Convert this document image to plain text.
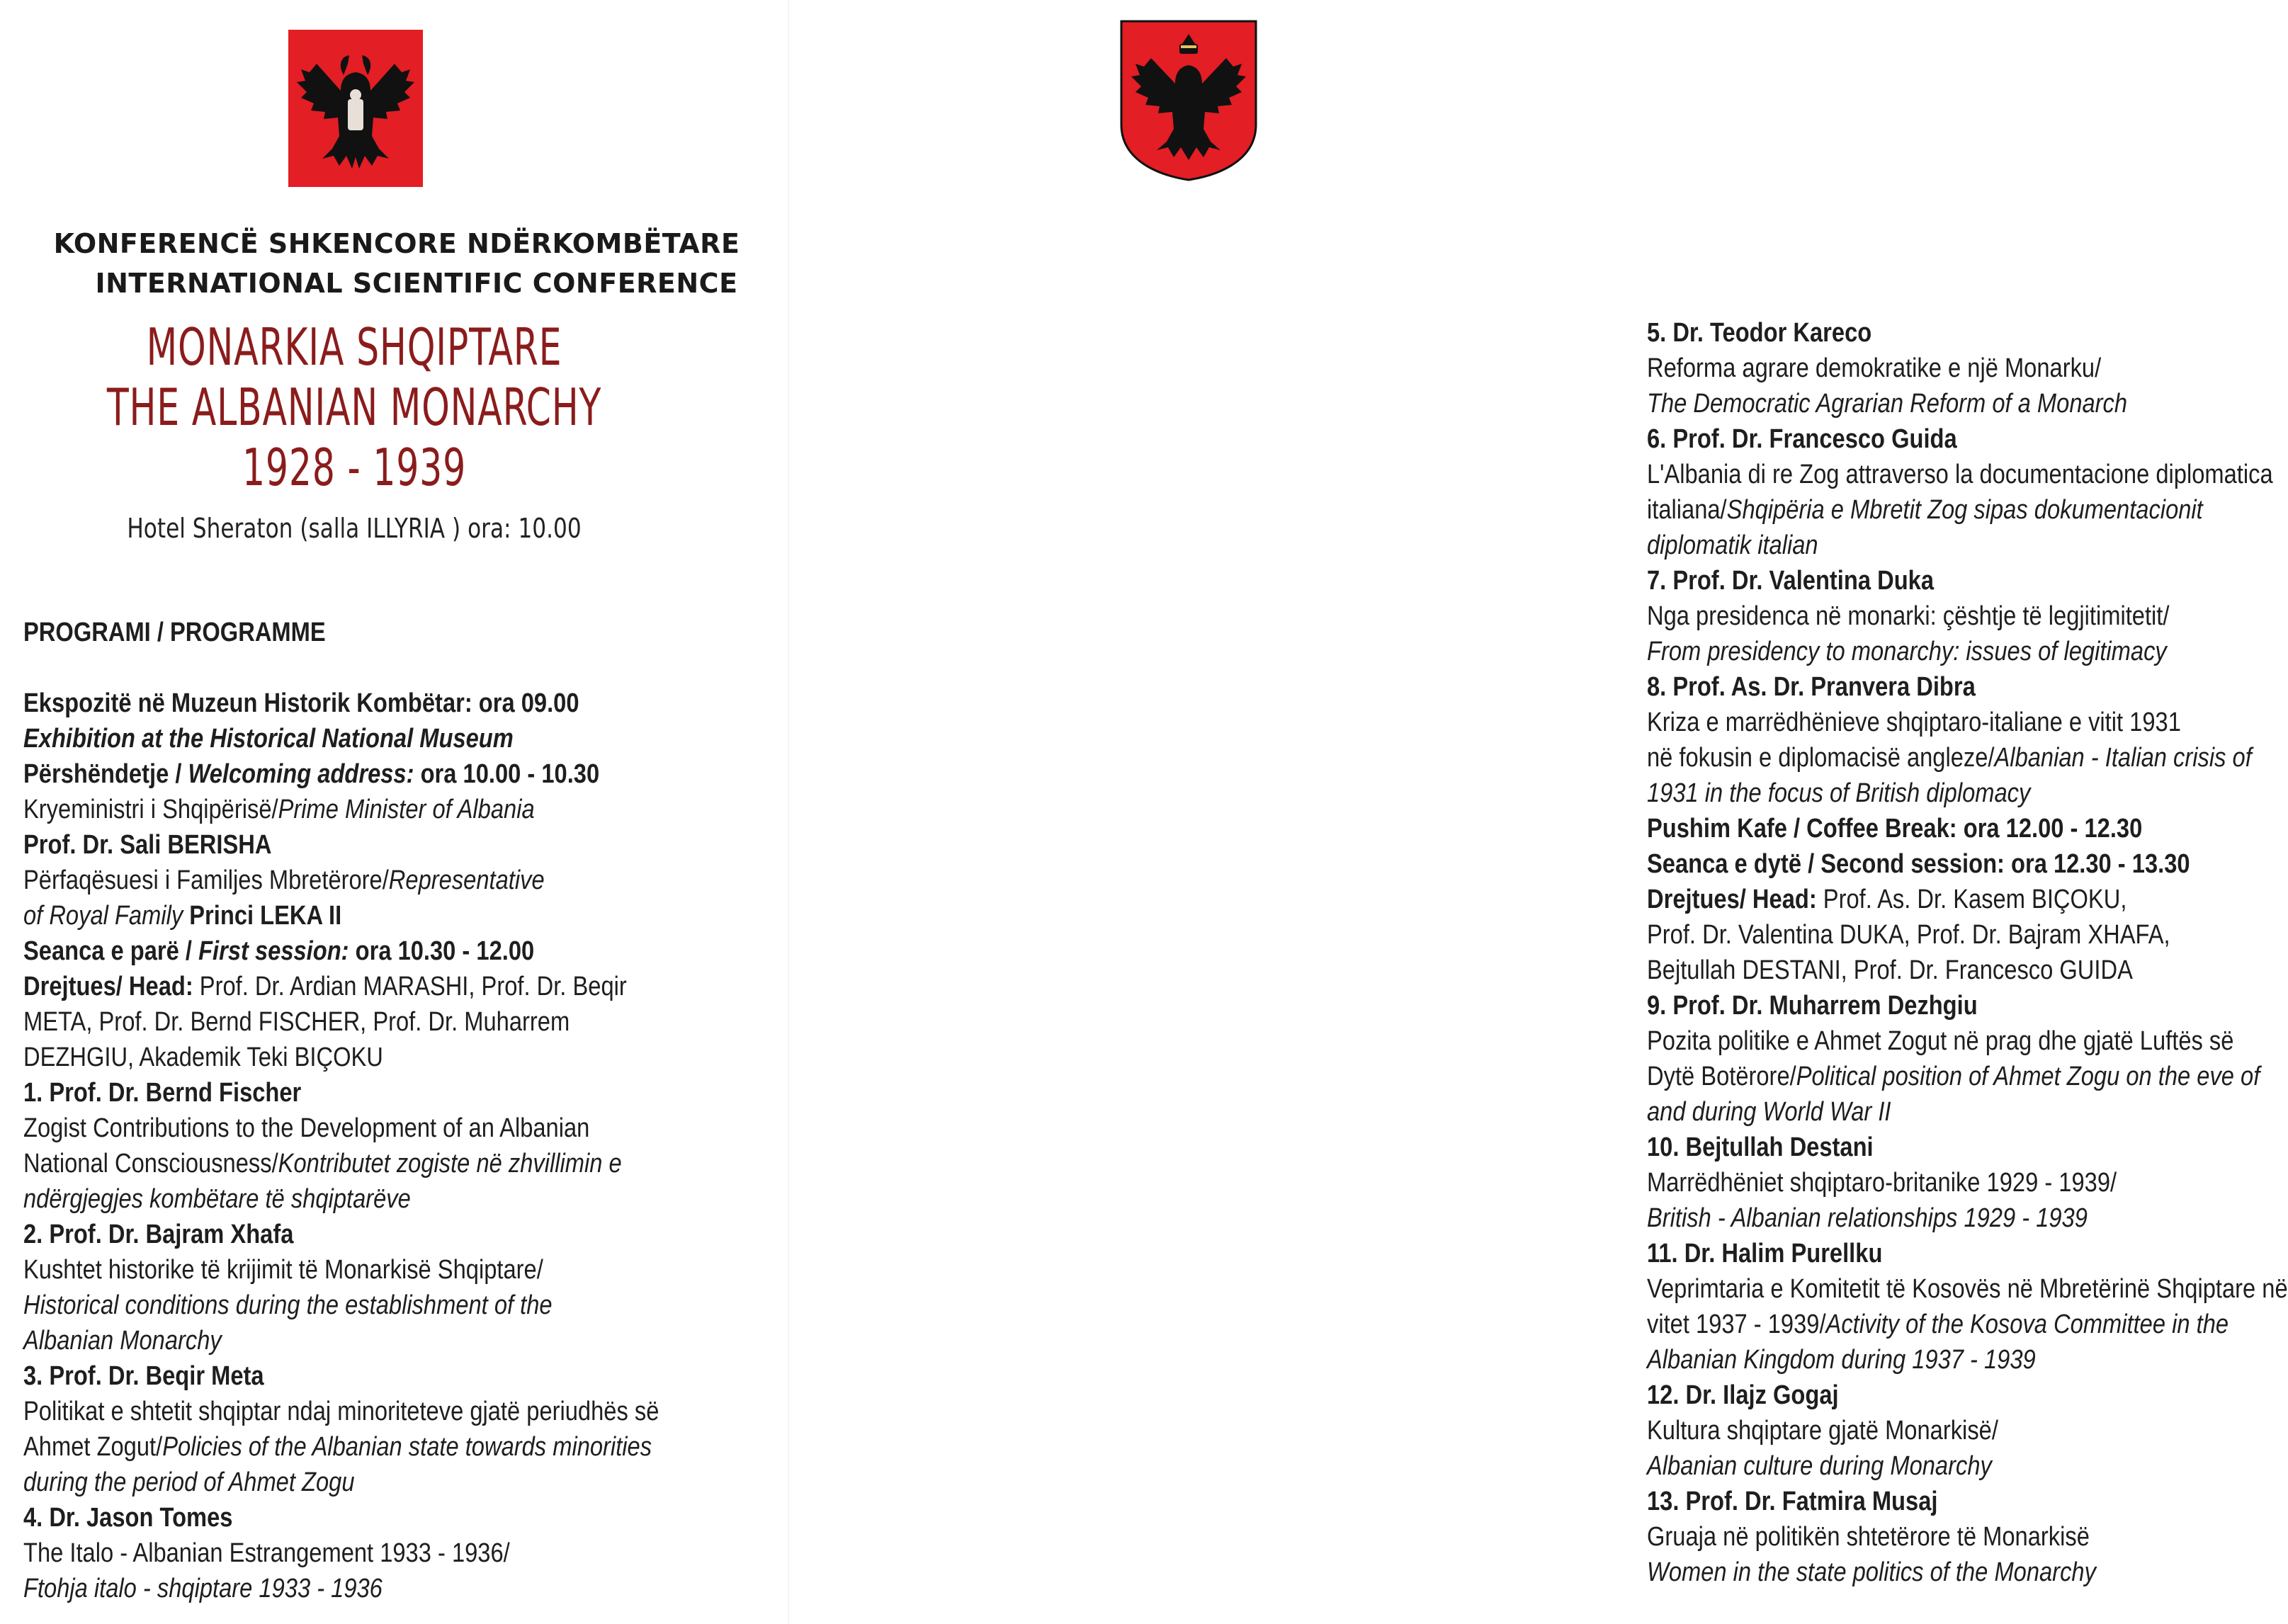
KONFERENCË SHKENCORE NDËRKOMBËTARE
INTERNATIONAL SCIENTIFIC CONFERENCE
MONARKIA SHQIPTARE
THE ALBANIAN MONARCHY
1928 - 1939
Hotel Sheraton (salla ILLYRIA ) ora: 10.00
PROGRAMI / PROGRAMME
Ekspozitë në Muzeun Historik Kombëtar: ora 09.00
Exhibition at the Historical National Museum
Përshëndetje / Welcoming address: ora 10.00 - 10.30
Kryeministri i Shqipërisë/Prime Minister of Albania
Prof. Dr. Sali BERISHA
Përfaqësuesi i Familjes Mbretërore/Representative
of Royal Family Princi LEKA II
Seanca e parë / First session: ora 10.30 - 12.00
Drejtues/ Head: Prof. Dr. Ardian MARASHI, Prof. Dr. Beqir
META, Prof. Dr. Bernd FISCHER, Prof. Dr. Muharrem
DEZHGIU, Akademik Teki BIÇOKU
1. Prof. Dr. Bernd Fischer
Zogist Contributions to the Development of an Albanian
National Consciousness/Kontributet zogiste në zhvillimin e
ndërgjegjes kombëtare të shqiptarëve
2. Prof. Dr. Bajram Xhafa
Kushtet historike të krijimit të Monarkisë Shqiptare/
Historical conditions during the establishment of the
Albanian Monarchy
3. Prof. Dr. Beqir Meta
Politikat e shtetit shqiptar ndaj minoriteteve gjatë periudhës së
Ahmet Zogut/Policies of the Albanian state towards minorities
during the period of Ahmet Zogu
4. Dr. Jason Tomes
The Italo - Albanian Estrangement 1933 - 1936/
Ftohja italo - shqiptare 1933 - 1936
5. Dr. Teodor Kareco
Reforma agrare demokratike e një Monarku/
The Democratic Agrarian Reform of a Monarch
6. Prof. Dr. Francesco Guida
L'Albania di re Zog attraverso la documentacione diplomatica
italiana/Shqipëria e Mbretit Zog sipas dokumentacionit
diplomatik italian
7. Prof. Dr. Valentina Duka
Nga presidenca në monarki: çështje të legjitimitetit/
From presidency to monarchy: issues of legitimacy
8. Prof. As. Dr. Pranvera Dibra
Kriza e marrëdhënieve shqiptaro-italiane e vitit 1931
në fokusin e diplomacisë angleze/Albanian - Italian crisis of
1931 in the focus of British diplomacy
Pushim Kafe / Coffee Break: ora 12.00 - 12.30
Seanca e dytë / Second session: ora 12.30 - 13.30
Drejtues/ Head: Prof. As. Dr. Kasem BIÇOKU,
Prof. Dr. Valentina DUKA, Prof. Dr. Bajram XHAFA,
Bejtullah DESTANI, Prof. Dr. Francesco GUIDA
9. Prof. Dr. Muharrem Dezhgiu
Pozita politike e Ahmet Zogut në prag dhe gjatë Luftës së
Dytë Botërore/Political position of Ahmet Zogu on the eve of
and during World War II
10. Bejtullah Destani
Marrëdhëniet shqiptaro-britanike 1929 - 1939/
British - Albanian relationships 1929 - 1939
11. Dr. Halim Purellku
Veprimtaria e Komitetit të Kosovës në Mbretërinë Shqiptare në
vitet 1937 - 1939/Activity of the Kosova Committee in the
Albanian Kingdom during 1937 - 1939
12. Dr. Ilajz Gogaj
Kultura shqiptare gjatë Monarkisë/
Albanian culture during Monarchy
13. Prof. Dr. Fatmira Musaj
Gruaja në politikën shtetërore të Monarkisë
Women in the state politics of the Monarchy
